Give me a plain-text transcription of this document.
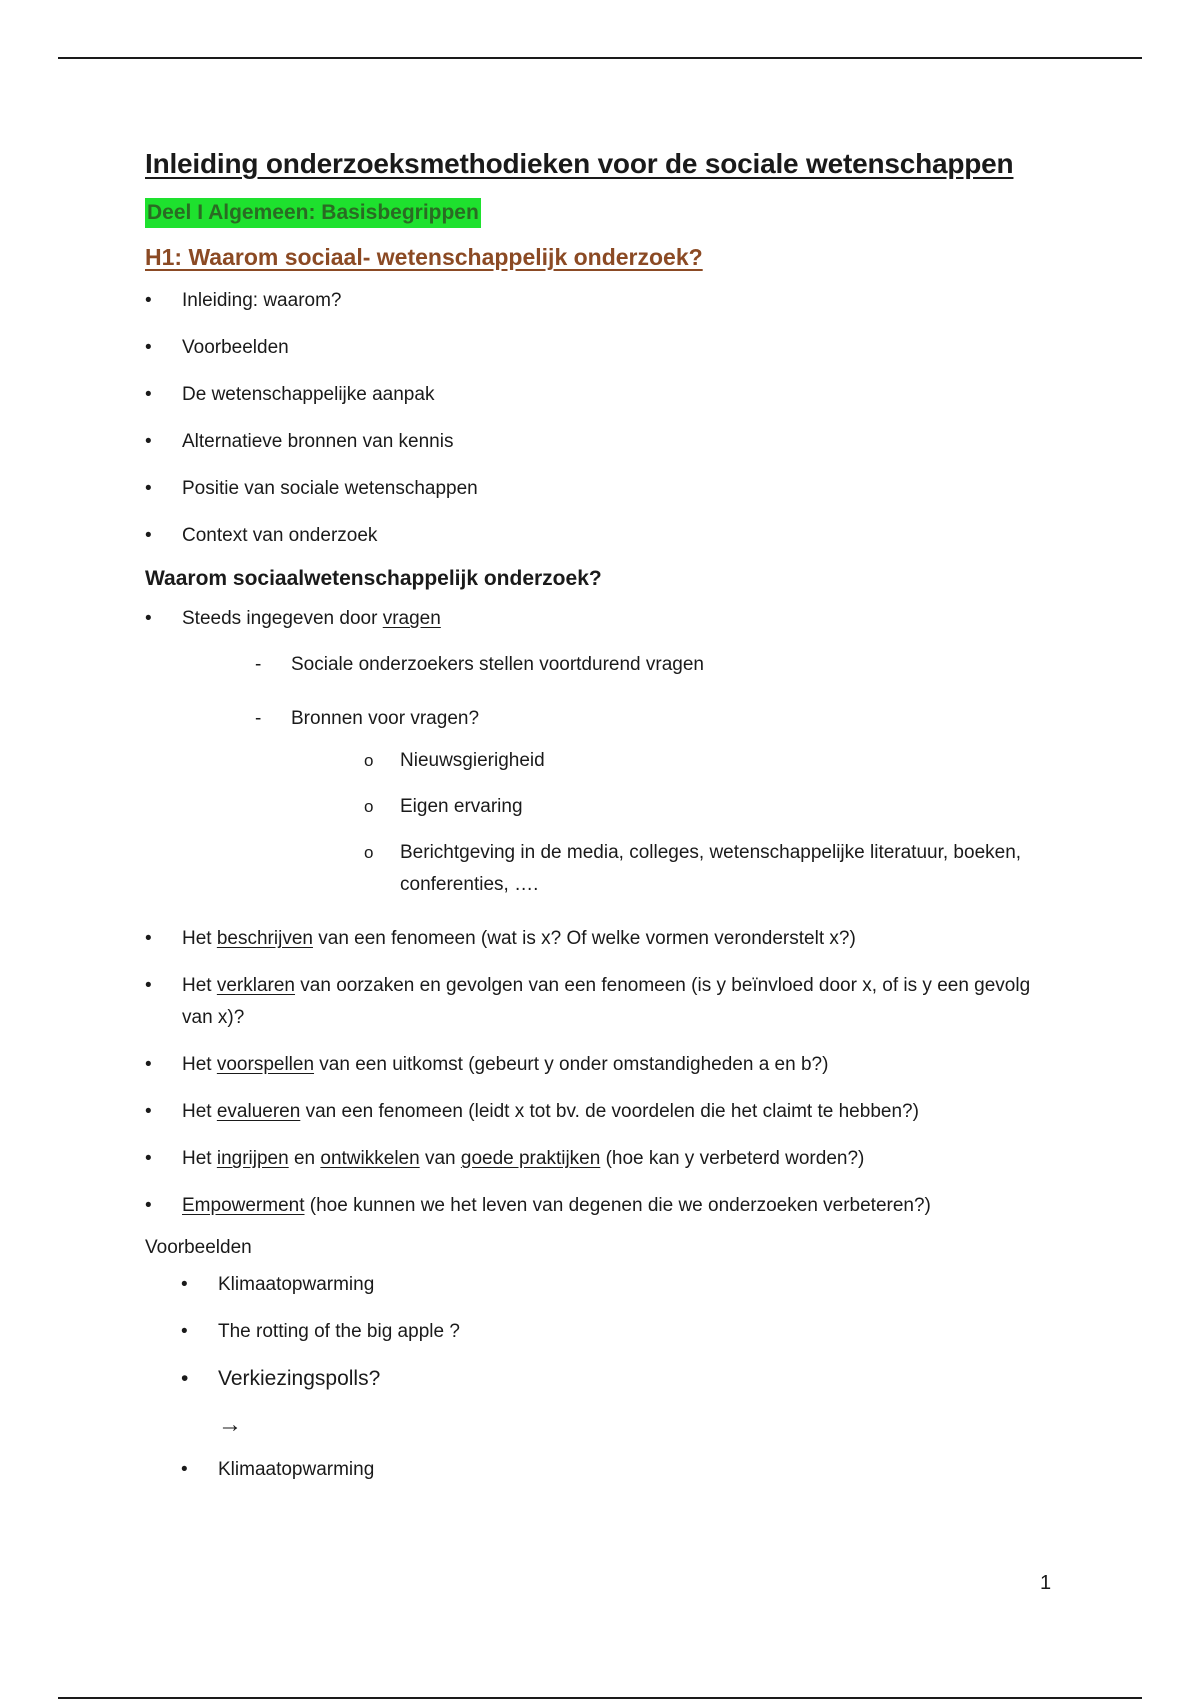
Inleiding onderzoeksmethodieken voor de sociale wetenschappen
Deel I Algemeen: Basisbegrippen
H1: Waarom sociaal- wetenschappelijk onderzoek?
• Inleiding: waarom?
• Voorbeelden
• De wetenschappelijke aanpak
• Alternatieve bronnen van kennis
• Positie van sociale wetenschappen
• Context van onderzoek
Waarom sociaalwetenschappelijk onderzoek?
• Steeds ingegeven door vragen
- Sociale onderzoekers stellen voortdurend vragen
- Bronnen voor vragen?
o Nieuwsgierigheid
o Eigen ervaring
o Berichtgeving in de media, colleges, wetenschappelijke literatuur, boeken, conferenties, ….
• Het beschrijven van een fenomeen (wat is x? Of welke vormen veronderstelt x?)
• Het verklaren van oorzaken en gevolgen van een fenomeen (is y beïnvloed door x, of is y een gevolg van x)?
• Het voorspellen van een uitkomst (gebeurt y onder omstandigheden a en b?)
• Het evalueren van een fenomeen (leidt x tot bv. de voordelen die het claimt te hebben?)
• Het ingrijpen en ontwikkelen van goede praktijken (hoe kan y verbeterd worden?)
• Empowerment (hoe kunnen we het leven van degenen die we onderzoeken verbeteren?)
Voorbeelden
• Klimaatopwarming
• The rotting of the big apple ?
• Verkiezingspolls?
→
• Klimaatopwarming
1
